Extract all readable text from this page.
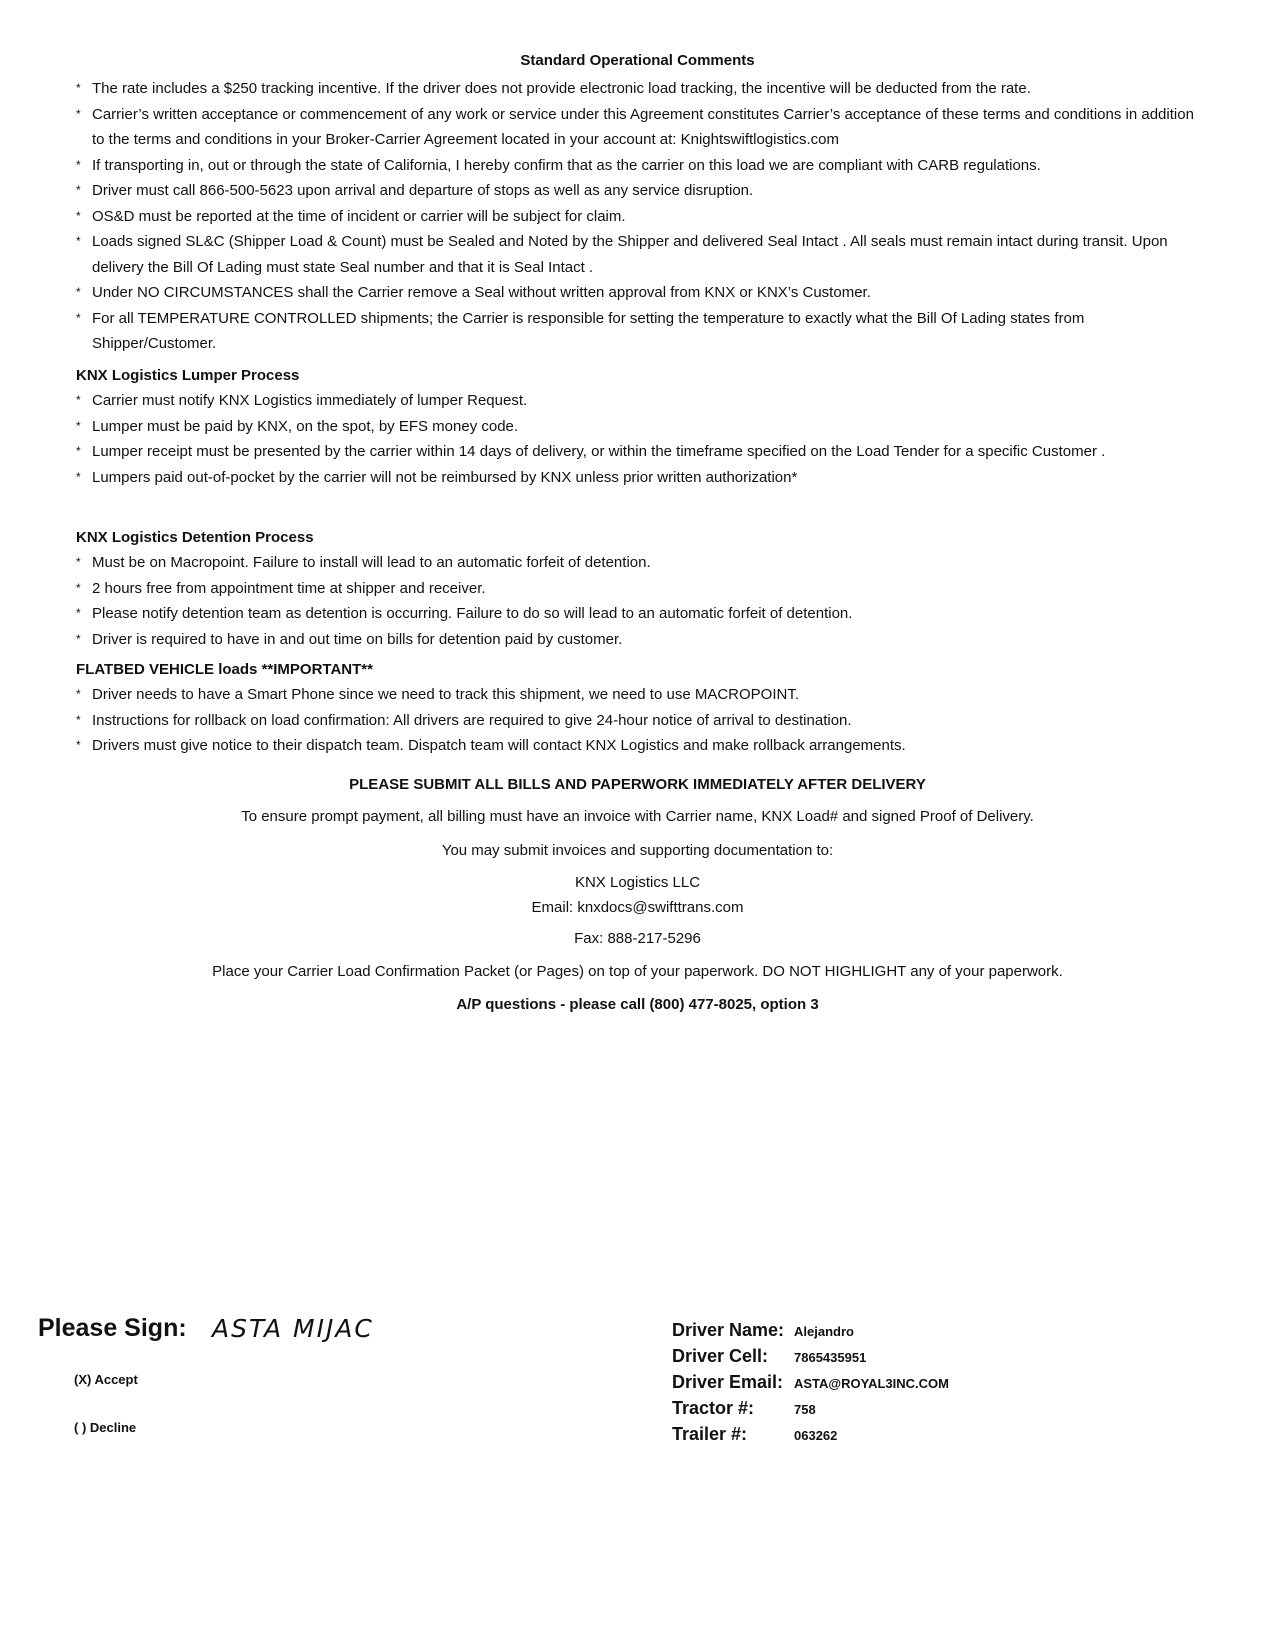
Standard Operational Comments
* The rate includes a $250 tracking incentive. If the driver does not provide electronic load tracking, the incentive will be deducted from the rate.
* Carrier’s written acceptance or commencement of any work or service under this Agreement constitutes Carrier’s acceptance of these terms and conditions in addition to the terms and conditions in your Broker-Carrier Agreement located in your account at: Knightswiftlogistics.com
* If transporting in, out or through the state of California, I hereby confirm that as the carrier on this load we are compliant with CARB regulations.
* Driver must call 866-500-5623 upon arrival and departure of stops as well as any service disruption.
* OS&D must be reported at the time of incident or carrier will be subject for claim.
* Loads signed SL&C (Shipper Load & Count) must be Sealed and Noted by the Shipper and delivered Seal Intact . All seals must remain intact during transit. Upon delivery the Bill Of Lading must state Seal number and that it is Seal Intact .
* Under NO CIRCUMSTANCES shall the Carrier remove a Seal without written approval from KNX or KNX’s Customer.
* For all TEMPERATURE CONTROLLED shipments; the Carrier is responsible for setting the temperature to exactly what the Bill Of Lading states from Shipper/Customer.

KNX Logistics Lumper Process

* Carrier must notify KNX Logistics immediately of lumper Request.
* Lumper must be paid by KNX, on the spot, by EFS money code.
* Lumper receipt must be presented by the carrier within 14 days of delivery, or within the timeframe specified on the Load Tender for a specific Customer .
* Lumpers paid out-of-pocket by the carrier will not be reimbursed by KNX unless prior written authorization*

KNX Logistics Detention Process

* Must be on Macropoint. Failure to install will lead to an automatic forfeit of detention.
* 2 hours free from appointment time at shipper and receiver.
* Please notify detention team as detention is occurring. Failure to do so will lead to an automatic forfeit of detention.
* Driver is required to have in and out time on bills for detention paid by customer.

FLATBED VEHICLE loads **IMPORTANT**

* Driver needs to have a Smart Phone since we need to track this shipment, we need to use MACROPOINT.
* Instructions for rollback on load confirmation: All drivers are required to give 24-hour notice of arrival to destination.
* Drivers must give notice to their dispatch team. Dispatch team will contact KNX Logistics and make rollback arrangements.

PLEASE SUBMIT ALL BILLS AND PAPERWORK IMMEDIATELY AFTER DELIVERY

To ensure prompt payment, all billing must have an invoice with Carrier name, KNX Load# and signed Proof of Delivery.

You may submit invoices and supporting documentation to:

KNX Logistics LLC

Email: knxdocs@swifttrans.com

Fax: 888-217-5296

Place your Carrier Load Confirmation Packet (or Pages) on top of your paperwork. DO NOT HIGHLIGHT any of your paperwork.

A/P questions - please call (800) 477-8025, option 3

Please Sign: ASTA MIJAC
(X) Accept
( ) Decline
Driver Name: Alejandro
Driver Cell:	7865435951
Driver Email: ASTA@ROYAL3INC.COM
Tractor #:	758
Trailer #:	063262
